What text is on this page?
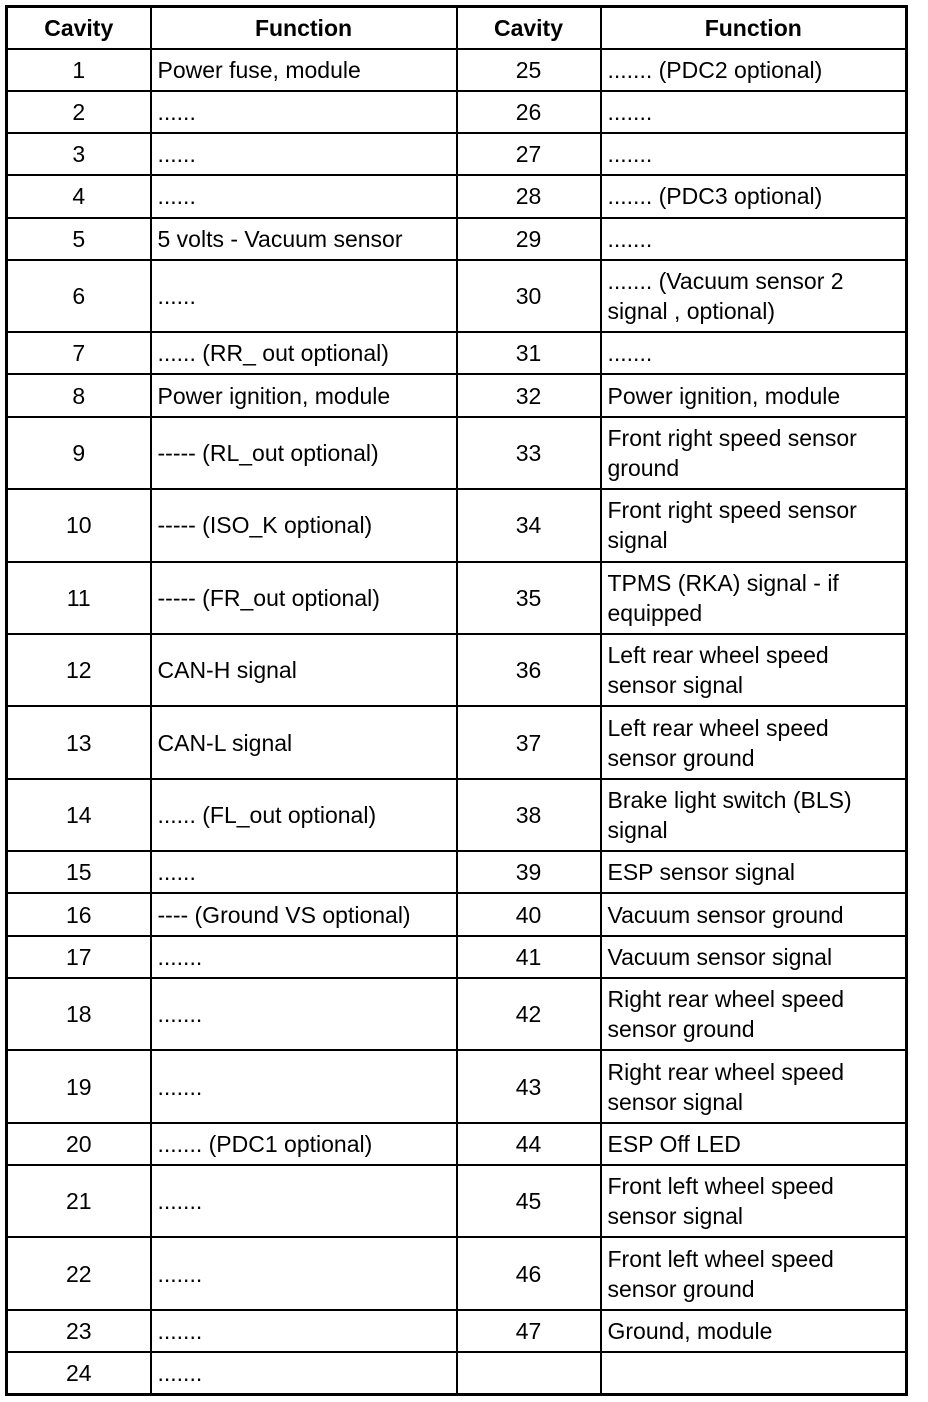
Cavity	Function	Cavity	Function
1	Power fuse, module	25	....... (PDC2 optional)
2	......	26	.......
3	......	27	.......
4	......	28	....... (PDC3 optional)
5	5 volts - Vacuum sensor	29	.......
6	......	30	....... (Vacuum sensor 2 signal , optional)
7	...... (RR_ out optional)	31	.......
8	Power ignition, module	32	Power ignition, module
9	----- (RL_out optional)	33	Front right speed sensor ground
10	----- (ISO_K optional)	34	Front right speed sensor signal
11	----- (FR_out optional)	35	TPMS (RKA) signal - if equipped
12	CAN-H signal	36	Left rear wheel speed sensor signal
13	CAN-L signal	37	Left rear wheel speed sensor ground
14	...... (FL_out optional)	38	Brake light switch (BLS) signal
15	......	39	ESP sensor signal
16	---- (Ground VS optional)	40	Vacuum sensor ground
17	.......	41	Vacuum sensor signal
18	.......	42	Right rear wheel speed sensor ground
19	.......	43	Right rear wheel speed sensor signal
20	....... (PDC1 optional)	44	ESP Off LED
21	.......	45	Front left wheel speed sensor signal
22	.......	46	Front left wheel speed sensor ground
23	.......	47	Ground, module
24	.......		
